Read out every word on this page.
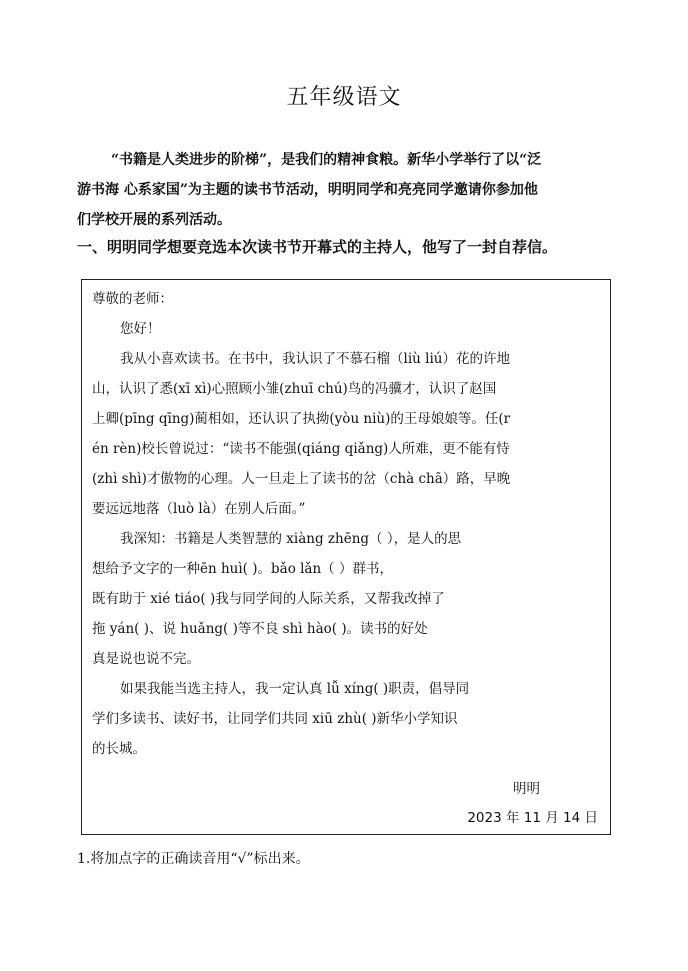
五年级语文
“书籍是人类进步的阶梯”，是我们的精神食粮。新华小学举行了以“泛
游书海 心系家国”为主题的读书节活动，明明同学和亮亮同学邀请你参加他
们学校开展的系列活动。
一、明明同学想要竞选本次读书节开幕式的主持人，他写了一封自荐信。
尊敬的老师：
您好！
我从小喜欢读书。在书中，我认识了不慕石榴（liù liú）花的许地
山，认识了悉(xī xì)心照顾小雏(zhuī chú)鸟的冯骥才，认识了赵国
上卿(pīng qīng)蔺相如，还认识了执拗(yòu niù)的王母娘娘等。任(r
én rèn)校长曾说过：“读书不能强(qiáng qiǎng)人所难，更不能有恃
(zhì shì)才傲物的心理。人一旦走上了读书的岔（chà chā）路，早晚
要远远地落（luò là）在别人后面。”
我深知：书籍是人类智慧的 xiàng zhēng（ ），是人的思
想给予文字的一种ēn huì( )。bǎo lǎn（ ）群书，
既有助于 xié tiáo( )我与同学间的人际关系，又帮我改掉了
拖 yán( )、说 huǎng( )等不良 shì hào( )。读书的好处
真是说也说不完。
如果我能当选主持人，我一定认真 lǚ xíng( )职责，倡导同
学们多读书、读好书，让同学们共同 xiū zhù( )新华小学知识
的长城。
明明
2023 年 11 月 14 日
1.将加点字的正确读音用“√”标出来。
